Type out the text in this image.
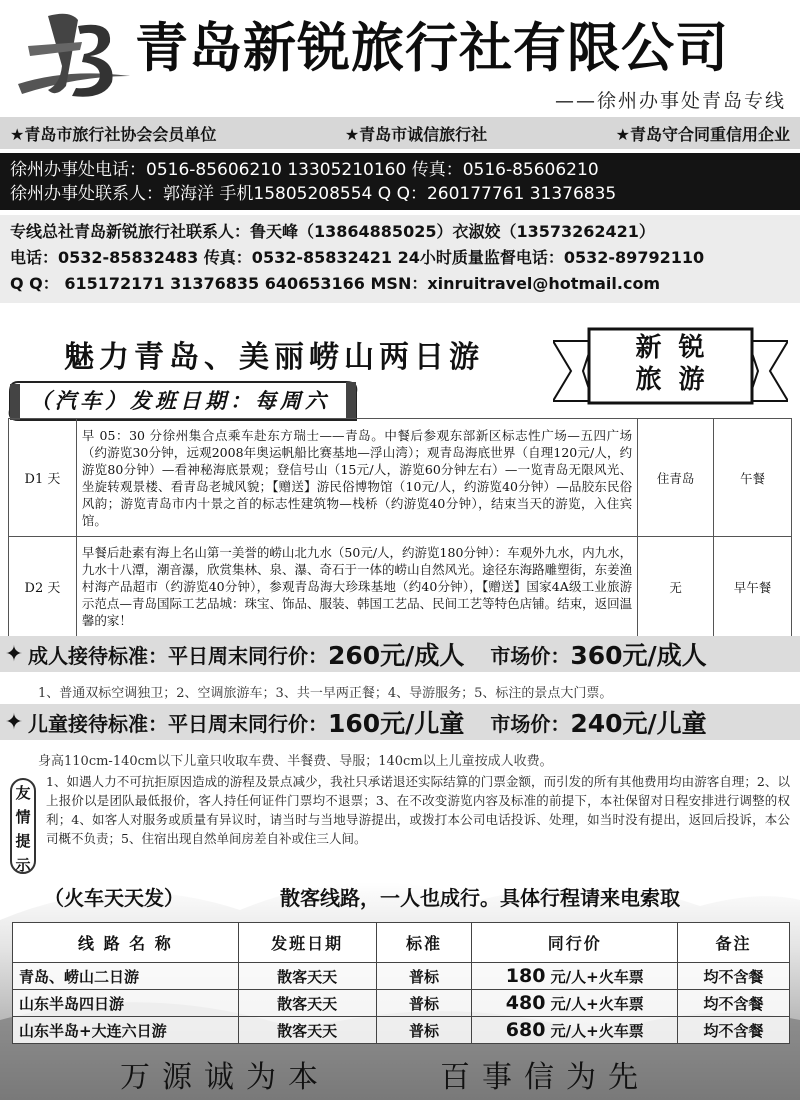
青岛新锐旅行社有限公司
——徐州办事处青岛专线
★青岛市旅行社协会会员单位	★青岛市诚信旅行社	★青岛守合同重信用企业
徐州办事处电话：0516-85606210 13305210160 传真：0516-85606210
徐州办事处联系人：郭海洋 手机15805208554 Q Q：260177761 31376835
专线总社青岛新锐旅行社联系人：鲁天峰（13864885025）衣淑姣（13573262421）
电话：0532-85832483 传真：0532-85832421 24小时质量监督电话：0532-89792110
Q Q： 615172171 31376835 640653166 MSN：xinruitravel@hotmail.com
魅力青岛、美丽崂山两日游	新 锐
旅 游
（汽车）发班日期：每周六
D1 天	早 05：30 分徐州集合点乘车赴东方瑞士——青岛。中餐后参观东部新区标志性广场—五四广场（约游览30分钟，远观2008年奥运帆船比赛基地—浮山湾）；观青岛海底世界（自理120元/人，约游览80分钟）—看神秘海底景观；登信号山（15元/人，游览60分钟左右）—一览青岛无限风光、坐旋转观景楼、看青岛老城风貌；【赠送】游民俗博物馆（10元/人，约游览40分钟）—品胶东民俗风韵；游览青岛市内十景之首的标志性建筑物—栈桥（约游览40分钟），结束当天的游览，入住宾馆。	住青岛	午餐
D2 天	早餐后赴素有海上名山第一美誉的崂山北九水（50元/人，约游览180分钟）：车观外九水，内九水，九水十八潭，潮音瀑，欣赏集林、泉、瀑、奇石于一体的崂山自然风光。途径东海路雕塑街，东姜渔村海产品超市（约游览40分钟），参观青岛海大珍珠基地（约40分钟），【赠送】国家4A级工业旅游示范点—青岛国际工艺品城：珠宝、饰品、服装、韩国工艺品、民间工艺等特色店铺。结束，返回温馨的家！	无	早午餐
✦ 成人接待标准：平日周末同行价： 260元/成人 市场价： 360元/成人
1、普通双标空调独卫；2、空调旅游车；3、共一早两正餐；4、导游服务；5、标注的景点大门票。
✦ 儿童接待标准：平日周末同行价： 160元/儿童 市场价： 240元/儿童
身高110cm-140cm以下儿童只收取车费、半餐费、导服；140cm以上儿童按成人收费。
友
情
提
示
1、如遇人力不可抗拒原因造成的游程及景点减少，我社只承诺退还实际结算的门票金额，而引发的所有其他费用均由游客自理；2、以上报价以是团队最低报价，客人持任何证件门票均不退票；3、在不改变游览内容及标准的前提下，本社保留对日程安排进行调整的权利；4、如客人对服务或质量有异议时，请当时与当地导游提出，或拨打本公司电话投诉、处理，如当时没有提出，返回后投诉，本公司概不负责；5、住宿出现自然单间房差自补或住三人间。
（火车天天发）	散客线路，一人也成行。具体行程请来电索取
线 路 名 称	发班日期	标准	同行价	备注
青岛、崂山二日游	散客天天	普标	180 元/人+火车票	均不含餐
山东半岛四日游	散客天天	普标	480 元/人+火车票	均不含餐
山东半岛+大连六日游	散客天天	普标	680 元/人+火车票	均不含餐
万源诚为本	百事信为先
